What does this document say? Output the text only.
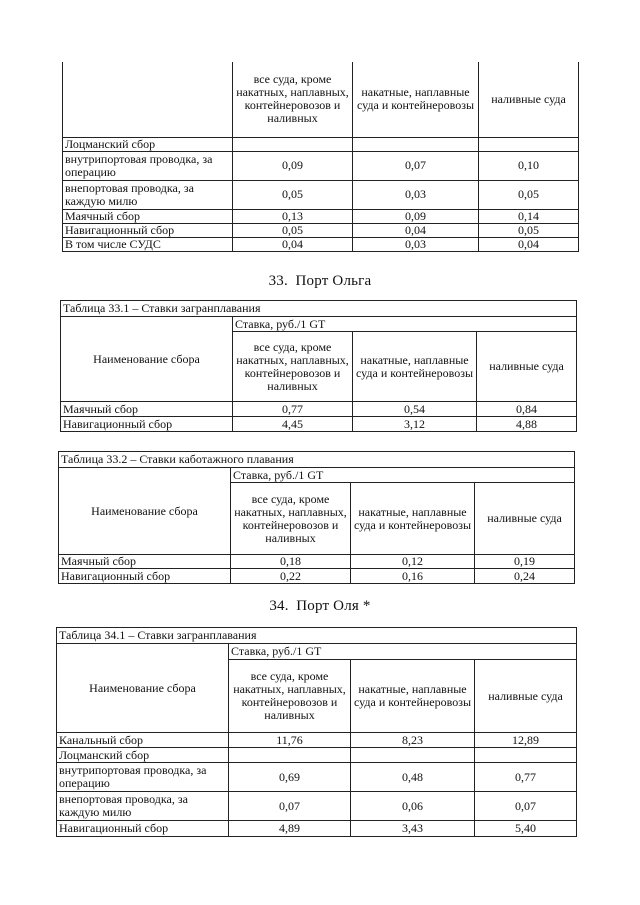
	все суда, кроме накатных, наплавных, контейнеровозов и наливных	накатные, наплавные суда и контейнеровозы	наливные суда
Лоцманский сбор			
внутрипортовая проводка, за операцию	0,09	0,07	0,10
внепортовая проводка, за каждую милю	0,05	0,03	0,05
Маячный сбор	0,13	0,09	0,14
Навигационный сбор	0,05	0,04	0,05
В том числе СУДС	0,04	0,03	0,04
33. Порт Ольга
Таблица 33.1 – Ставки загранплавания			
Наименование сбора	Ставка, руб./1 GT		
	все суда, кроме накатных, наплавных, контейнеровозов и наливных	накатные, наплавные суда и контейнеровозы	наливные суда
Маячный сбор	0,77	0,54	0,84
Навигационный сбор	4,45	3,12	4,88
Таблица 33.2 – Ставки каботажного плавания			
Наименование сбора	Ставка, руб./1 GT		
	все суда, кроме накатных, наплавных, контейнеровозов и наливных	накатные, наплавные суда и контейнеровозы	наливные суда
Маячный сбор	0,18	0,12	0,19
Навигационный сбор	0,22	0,16	0,24
34. Порт Оля *
Таблица 34.1 – Ставки загранплавания			
Наименование сбора	Ставка, руб./1 GT		
	все суда, кроме накатных, наплавных, контейнеровозов и наливных	накатные, наплавные суда и контейнеровозы	наливные суда
Канальный сбор	11,76	8,23	12,89
Лоцманский сбор			
внутрипортовая проводка, за операцию	0,69	0,48	0,77
внепортовая проводка, за каждую милю	0,07	0,06	0,07
Навигационный сбор	4,89	3,43	5,40
